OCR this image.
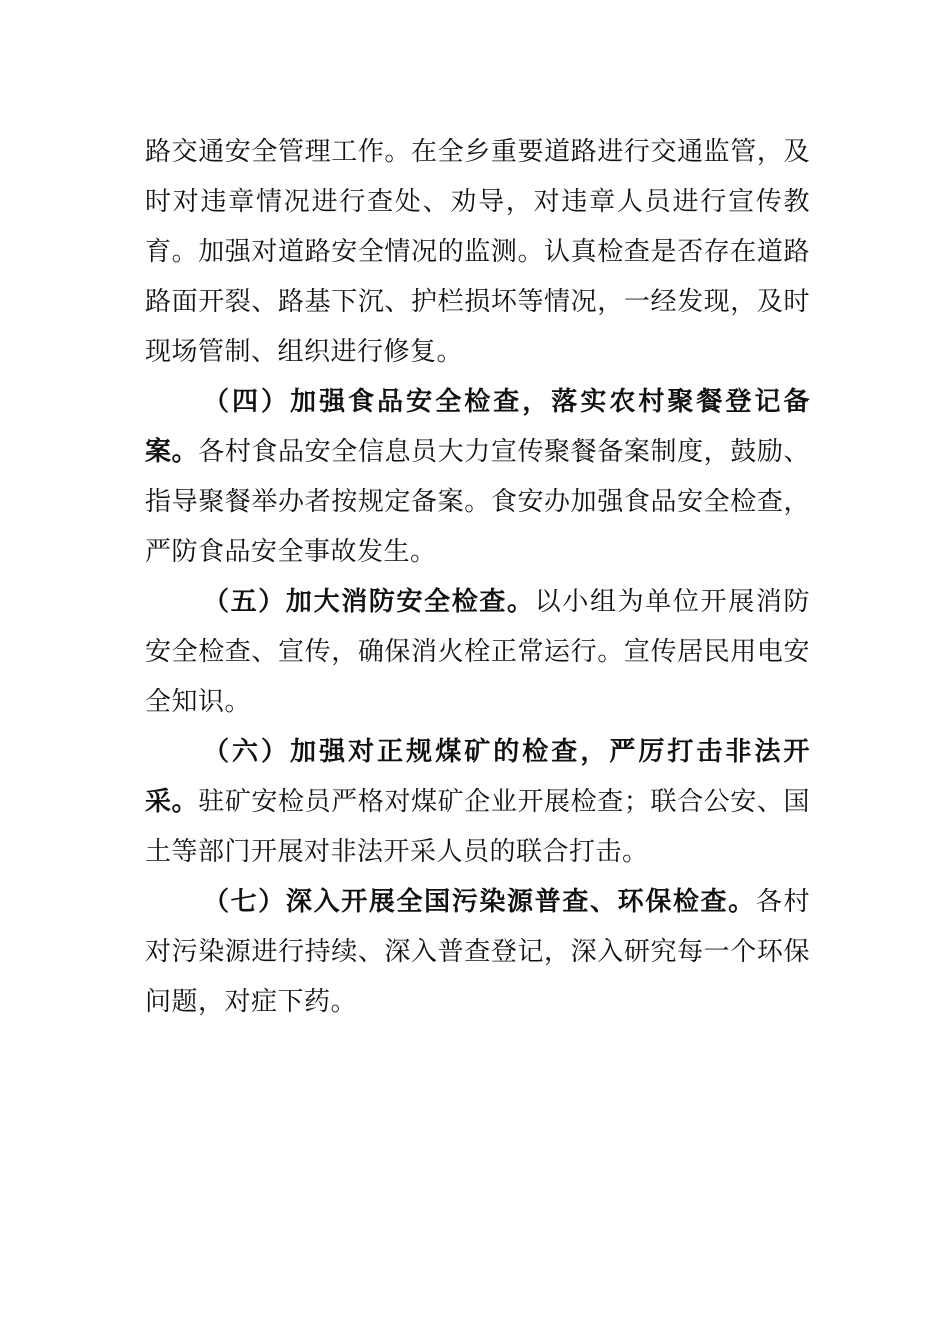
路交通安全管理工作。在全乡重要道路进行交通监管，及时对违章情况进行查处、劝导，对违章人员进行宣传教育。加强对道路安全情况的监测。认真检查是否存在道路路面开裂、路基下沉、护栏损坏等情况，一经发现，及时现场管制、组织进行修复。

（四）加强食品安全检查，落实农村聚餐登记备案。各村食品安全信息员大力宣传聚餐备案制度，鼓励、指导聚餐举办者按规定备案。食安办加强食品安全检查，严防食品安全事故发生。

（五）加大消防安全检查。以小组为单位开展消防安全检查、宣传，确保消火栓正常运行。宣传居民用电安全知识。

（六）加强对正规煤矿的检查，严厉打击非法开采。驻矿安检员严格对煤矿企业开展检查；联合公安、国土等部门开展对非法开采人员的联合打击。

（七）深入开展全国污染源普查、环保检查。各村对污染源进行持续、深入普查登记，深入研究每一个环保问题，对症下药。
